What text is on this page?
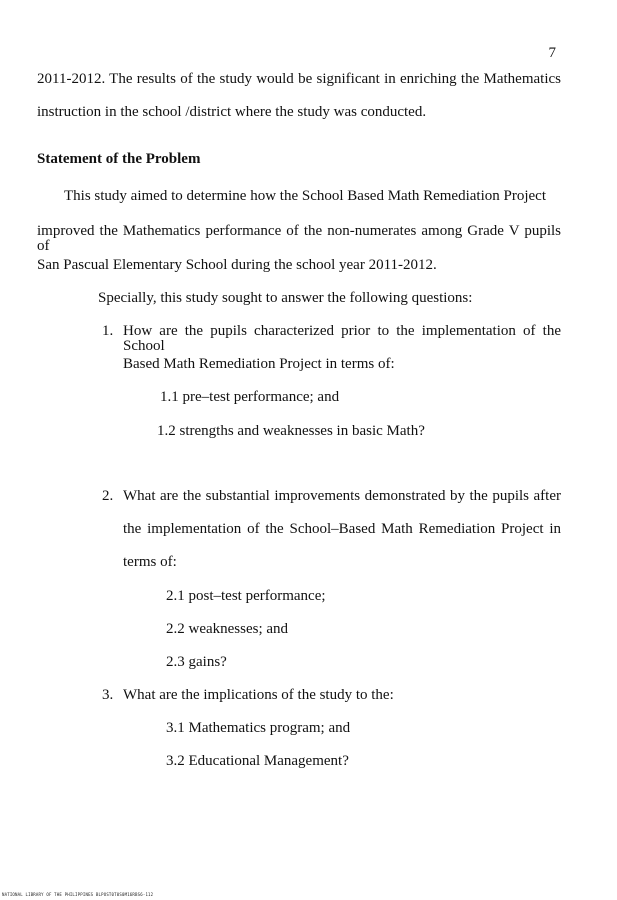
7
2011-2012. The results of the study would be significant in enriching the Mathematics
instruction in the school /district where the study was conducted.
Statement of the Problem
This study aimed to determine how the School Based Math Remediation Project
improved the Mathematics performance of the non-numerates among Grade V pupils of
San Pascual Elementary School during the school year 2011-2012.
Specially, this study sought to answer the following questions:
1. How are the pupils characterized prior to the implementation of the School
Based Math Remediation Project in terms of:
1.1 pre–test performance; and
1.2 strengths and weaknesses in basic Math?
2. What are the substantial improvements demonstrated by the pupils after
the implementation of the School–Based Math Remediation Project in
terms of:
2.1 post–test performance;
2.2 weaknesses; and
2.3 gains?
3. What are the implications of the study to the:
3.1 Mathematics program; and
3.2 Educational Management?
NATIONAL LIBRARY OF THE PHILIPPINES BLPOST0T0S0M16RBS6-112
